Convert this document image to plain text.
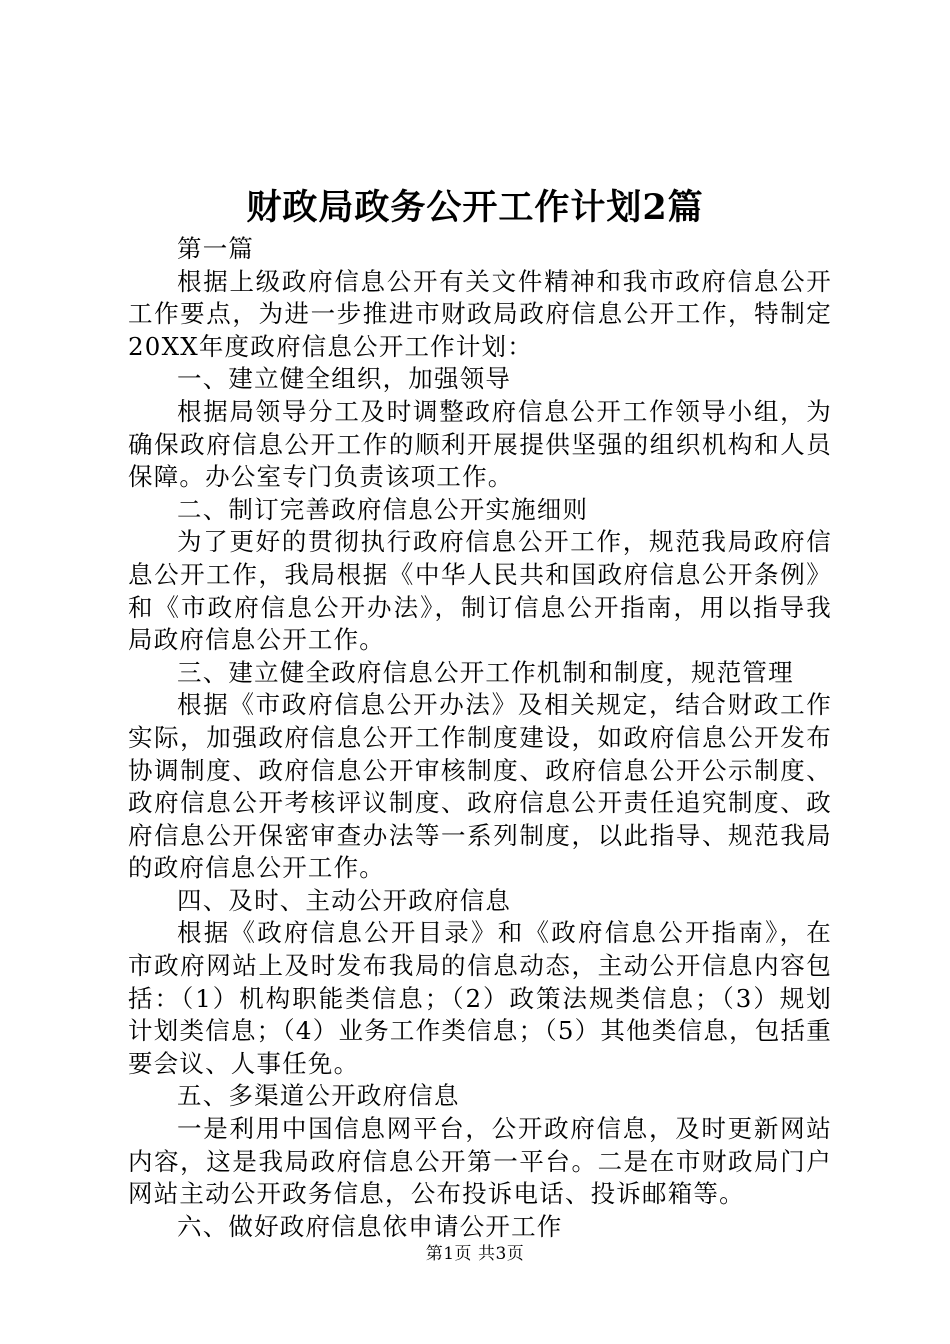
财政局政务公开工作计划2篇
第一篇
根据上级政府信息公开有关文件精神和我市政府信息公开工作要点，为进一步推进市财政局政府信息公开工作，特制定20XX年度政府信息公开工作计划：
一、建立健全组织，加强领导
根据局领导分工及时调整政府信息公开工作领导小组，为确保政府信息公开工作的顺利开展提供坚强的组织机构和人员保障。办公室专门负责该项工作。
二、制订完善政府信息公开实施细则
为了更好的贯彻执行政府信息公开工作，规范我局政府信息公开工作，我局根据《中华人民共和国政府信息公开条例》和《市政府信息公开办法》，制订信息公开指南，用以指导我局政府信息公开工作。
三、建立健全政府信息公开工作机制和制度，规范管理
根据《市政府信息公开办法》及相关规定，结合财政工作实际，加强政府信息公开工作制度建设，如政府信息公开发布协调制度、政府信息公开审核制度、政府信息公开公示制度、政府信息公开考核评议制度、政府信息公开责任追究制度、政府信息公开保密审查办法等一系列制度，以此指导、规范我局的政府信息公开工作。
四、及时、主动公开政府信息
根据《政府信息公开目录》和《政府信息公开指南》，在市政府网站上及时发布我局的信息动态，主动公开信息内容包括：（1）机构职能类信息；（2）政策法规类信息；（3）规划计划类信息；（4）业务工作类信息；（5）其他类信息，包括重要会议、人事任免。
五、多渠道公开政府信息
一是利用中国信息网平台，公开政府信息，及时更新网站内容，这是我局政府信息公开第一平台。二是在市财政局门户网站主动公开政务信息，公布投诉电话、投诉邮箱等。
六、做好政府信息依申请公开工作
第1页 共3页
